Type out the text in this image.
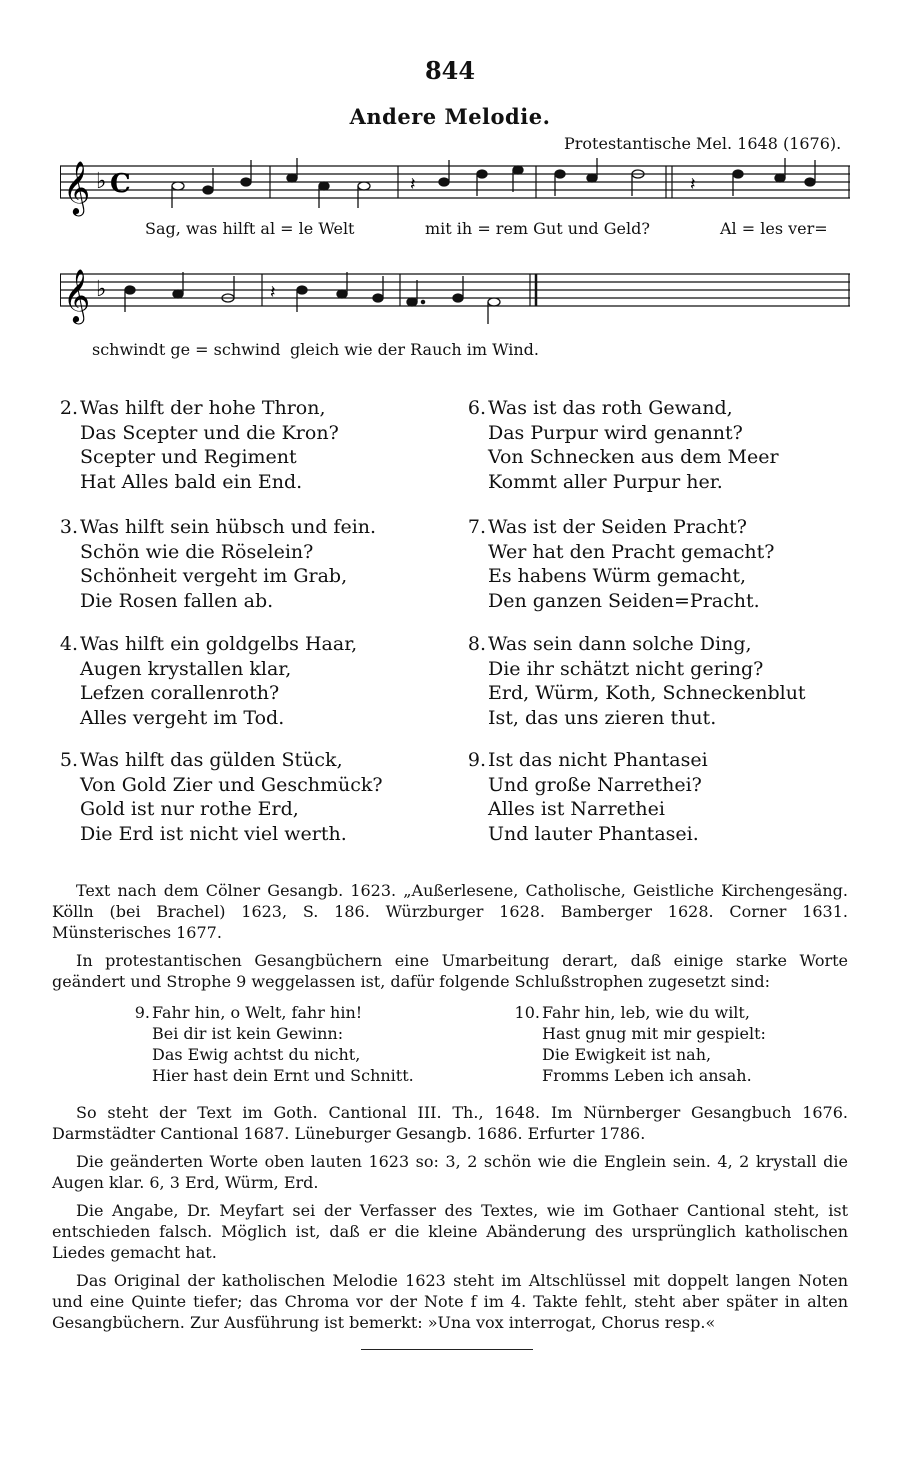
844
Andere Melodie.
Protestantische Mel. 1648 (1676).
𝄞 ♭ C	𝄽	𝄽
Sag, was hilft al = le Welt	mit ih = rem Gut und Geld?	Al = les ver=
𝄞 ♭	𝄽
schwindt ge = schwind gleich wie der Rauch im Wind.
2. Was hilft der hohe Thron,
Das Scepter und die Kron?
Scepter und Regiment
Hat Alles bald ein End.
3. Was hilft sein hübsch und fein.
Schön wie die Röselein?
Schönheit vergeht im Grab,
Die Rosen fallen ab.
4. Was hilft ein goldgelbs Haar,
Augen krystallen klar,
Lefzen corallenroth?
Alles vergeht im Tod.
5. Was hilft das gülden Stück,
Von Gold Zier und Geschmück?
Gold ist nur rothe Erd,
Die Erd ist nicht viel werth.
6. Was ist das roth Gewand,
Das Purpur wird genannt?
Von Schnecken aus dem Meer
Kommt aller Purpur her.
7. Was ist der Seiden Pracht?
Wer hat den Pracht gemacht?
Es habens Würm gemacht,
Den ganzen Seiden=Pracht.
8. Was sein dann solche Ding,
Die ihr schätzt nicht gering?
Erd, Würm, Koth, Schneckenblut
Ist, das uns zieren thut.
9. Ist das nicht Phantasei
Und große Narrethei?
Alles ist Narrethei
Und lauter Phantasei.

Text nach dem Cölner Gesangb. 1623. „Außerlesene, Catholische, Geistliche Kirchengesäng. Kölln (bei Brachel) 1623, S. 186. Würzburger 1628. Bamberger 1628. Corner 1631. Münsterisches 1677.

In protestantischen Gesangbüchern eine Umarbeitung derart, daß einige starke Worte geändert und Strophe 9 weggelassen ist, dafür folgende Schlußstrophen zugesetzt sind:

9. Fahr hin, o Welt, fahr hin!
Bei dir ist kein Gewinn:
Das Ewig achtst du nicht,
Hier hast dein Ernt und Schnitt.
10. Fahr hin, leb, wie du wilt,
Hast gnug mit mir gespielt:
Die Ewigkeit ist nah,
Fromms Leben ich ansah.

So steht der Text im Goth. Cantional III. Th., 1648. Im Nürnberger Gesangbuch 1676. Darmstädter Cantional 1687. Lüneburger Gesangb. 1686. Erfurter 1786.

Die geänderten Worte oben lauten 1623 so: 3, 2 schön wie die Englein sein. 4, 2 krystall die Augen klar. 6, 3 Erd, Würm, Erd.

Die Angabe, Dr. Meyfart sei der Verfasser des Textes, wie im Gothaer Cantional steht, ist entschieden falsch. Möglich ist, daß er die kleine Abänderung des ursprünglich katholischen Liedes gemacht hat.

Das Original der katholischen Melodie 1623 steht im Altschlüssel mit doppelt langen Noten und eine Quinte tiefer; das Chroma vor der Note f im 4. Takte fehlt, steht aber später in alten Gesangbüchern. Zur Ausführung ist bemerkt: »Una vox interrogat, Chorus resp.«
